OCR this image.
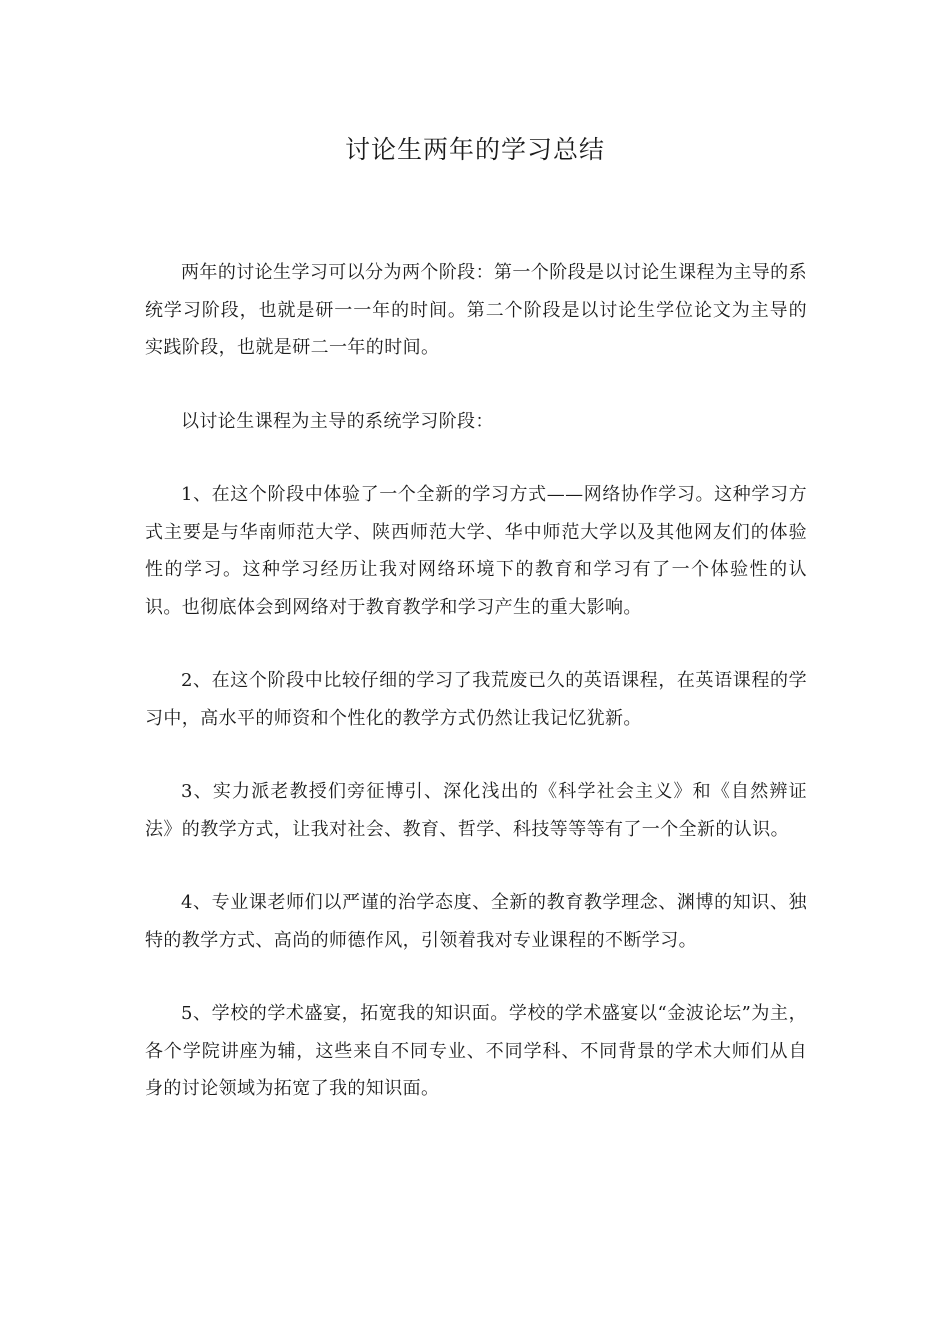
讨论生两年的学习总结

两年的讨论生学习可以分为两个阶段：第一个阶段是以讨论生课程为主导的系统学习阶段，也就是研一一年的时间。第二个阶段是以讨论生学位论文为主导的实践阶段，也就是研二一年的时间。

以讨论生课程为主导的系统学习阶段：

1、在这个阶段中体验了一个全新的学习方式——网络协作学习。这种学习方式主要是与华南师范大学、陕西师范大学、华中师范大学以及其他网友们的体验性的学习。这种学习经历让我对网络环境下的教育和学习有了一个体验性的认识。也彻底体会到网络对于教育教学和学习产生的重大影响。

2、在这个阶段中比较仔细的学习了我荒废已久的英语课程，在英语课程的学习中，高水平的师资和个性化的教学方式仍然让我记忆犹新。

3、实力派老教授们旁征博引、深化浅出的《科学社会主义》和《自然辨证法》的教学方式，让我对社会、教育、哲学、科技等等等有了一个全新的认识。

4、专业课老师们以严谨的治学态度、全新的教育教学理念、渊博的知识、独特的教学方式、高尚的师德作风，引领着我对专业课程的不断学习。

5、学校的学术盛宴，拓宽我的知识面。学校的学术盛宴以“金波论坛”为主，各个学院讲座为辅，这些来自不同专业、不同学科、不同背景的学术大师们从自身的讨论领域为拓宽了我的知识面。
